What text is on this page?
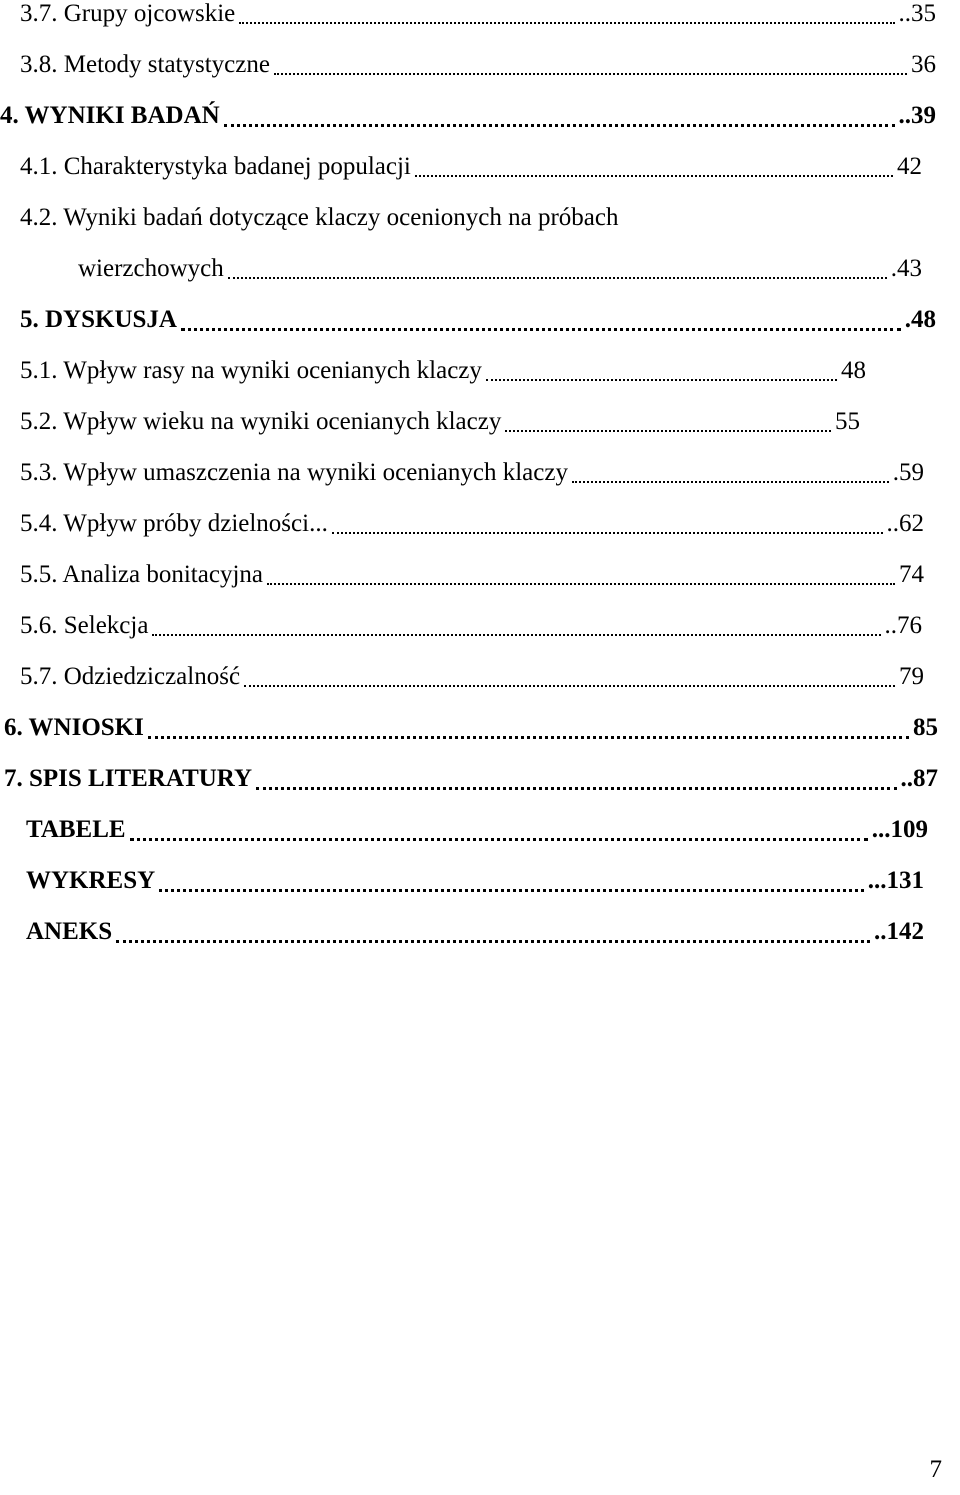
3.7. Grupy ojcowskie	..35
3.8. Metody statystyczne	36
4. WYNIKI BADAŃ	..39
4.1. Charakterystyka badanej populacji	42
4.2. Wyniki badań dotyczące klaczy ocenionych na próbach
wierzchowych	.43
5. DYSKUSJA	.48
5.1. Wpływ rasy na wyniki ocenianych klaczy	48
5.2. Wpływ wieku na wyniki ocenianych klaczy	55
5.3. Wpływ umaszczenia na wyniki ocenianych klaczy	.59
5.4. Wpływ próby dzielności...	..62
5.5. Analiza bonitacyjna	74
5.6. Selekcja	..76
5.7. Odziedziczalność	79
6. WNIOSKI	85
7. SPIS LITERATURY	..87
TABELE	...109
WYKRESY	...131
ANEKS	..142
7
